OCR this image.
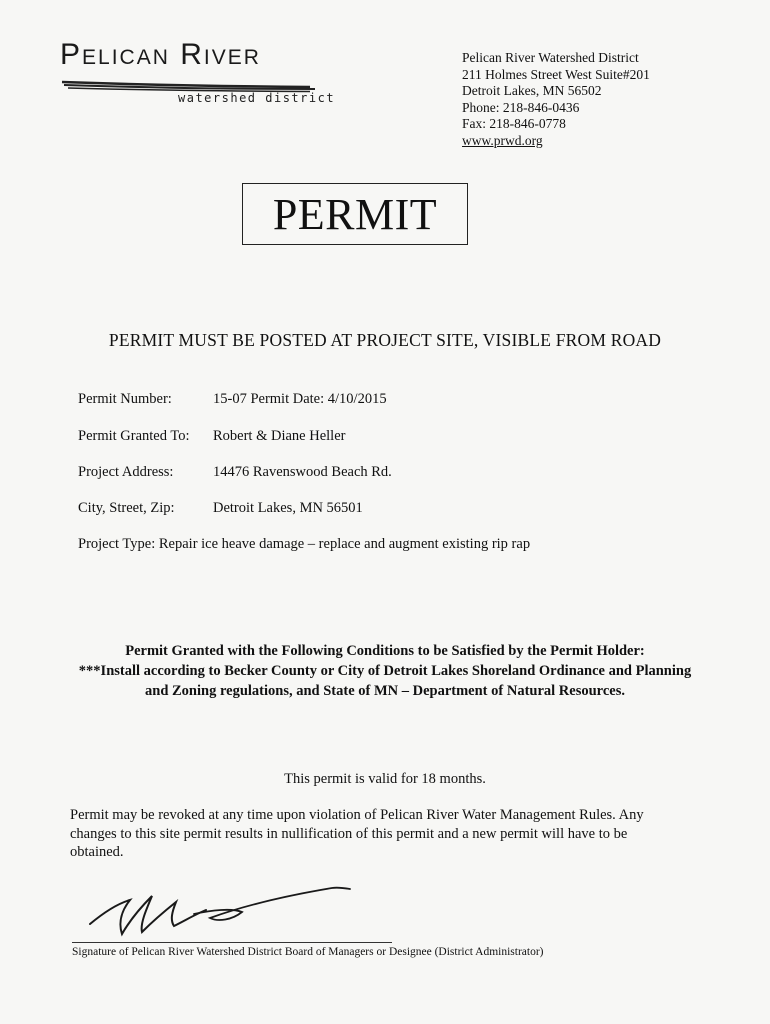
Pelican River
watershed district
Pelican River Watershed District
211 Holmes Street West Suite#201
Detroit Lakes, MN 56502
Phone: 218-846-0436
Fax: 218-846-0778
www.prwd.org
PERMIT
PERMIT MUST BE POSTED AT PROJECT SITE, VISIBLE FROM ROAD
Permit Number:	15-07 Permit Date: 4/10/2015
Permit Granted To: Robert & Diane Heller
Project Address:	14476 Ravenswood Beach Rd.
City, Street, Zip:	Detroit Lakes, MN 56501
Project Type: Repair ice heave damage – replace and augment existing rip rap
Permit Granted with the Following Conditions to be Satisfied by the Permit Holder:
***Install according to Becker County or City of Detroit Lakes Shoreland Ordinance and Planning
and Zoning regulations, and State of MN – Department of Natural Resources.
This permit is valid for 18 months.
Permit may be revoked at any time upon violation of Pelican River Water Management Rules. Any
changes to this site permit results in nullification of this permit and a new permit will have to be
obtained.
Signature of Pelican River Watershed District Board of Managers or Designee (District Administrator)
